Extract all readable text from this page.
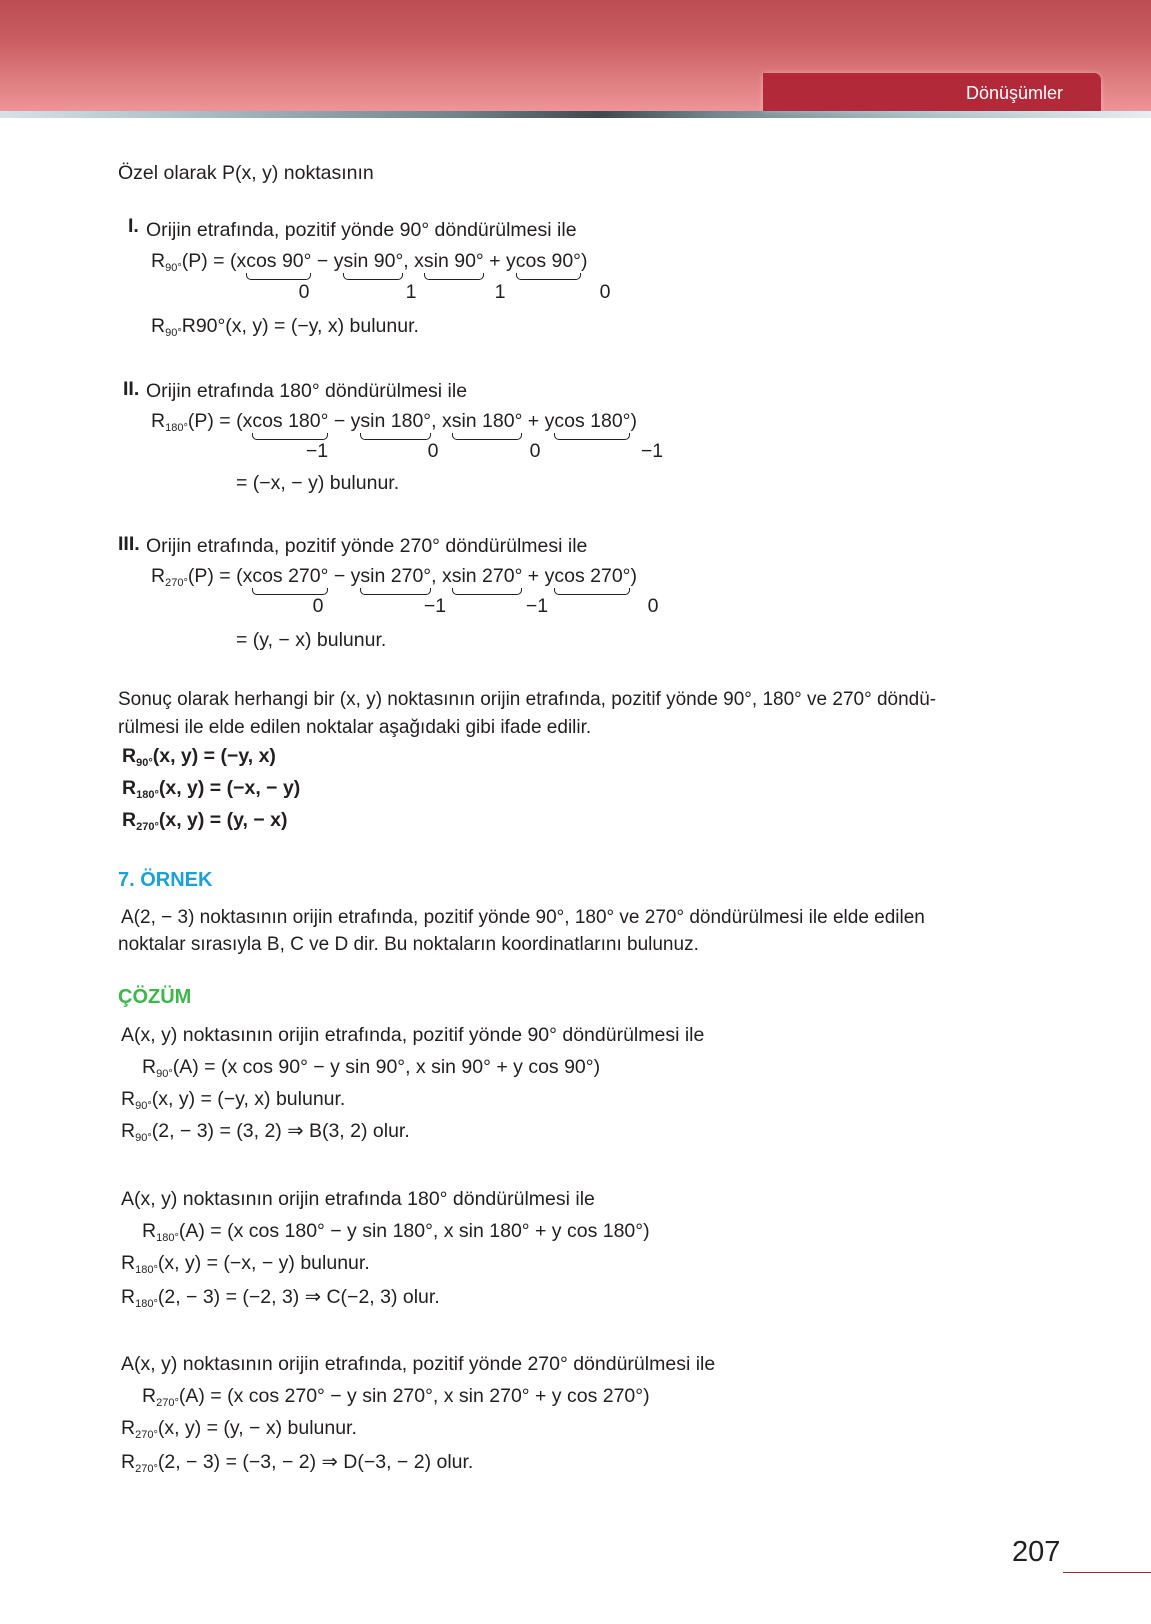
Dönüşümler
Özel olarak P(x, y) noktasının
I. Orijin etrafında, pozitif yönde 90° döndürülmesi ile
$R_{90^\circ}(P) = (xcos$ 90° − ysin 90°, xsin 90° + ycos 90°)
0	1	1	0
$R_{90^\circ}R90^\circ(x$, y) = (−y, x) bulunur.
II. Orijin etrafında 180° döndürülmesi ile
$R_{180^\circ}(P) = (xcos$ 180° − ysin 180°, xsin 180° + ycos 180°)
−1	0	0	−1
= (−x, − y) bulunur.
III. Orijin etrafında, pozitif yönde 270° döndürülmesi ile
$R_{270^\circ}(P) = (xcos$ 270° − ysin 270°, xsin 270° + ycos 270°)
0	−1	−1	0
= (y, − x) bulunur.
Sonuç olarak herhangi bir (x, y) noktasının orijin etrafında, pozitif yönde 90°, 180° ve 270° döndü-
rülmesi ile elde edilen noktalar aşağıdaki gibi ifade edilir.
$R_{90^\circ}(x$, y) = (−y, x)
$R_{180^\circ}(x$, y) = (−x, − y)
$R_{270^\circ}(x$, y) = (y, − x)
7. ÖRNEK
A(2, − 3) noktasının orijin etrafında, pozitif yönde 90°, 180° ve 270° döndürülmesi ile elde edilen
noktalar sırasıyla B, C ve D dir. Bu noktaların koordinatlarını bulunuz.
ÇÖZÜM
A(x, y) noktasının orijin etrafında, pozitif yönde 90° döndürülmesi ile
$R_{90^\circ}(A) = (x$ cos 90° − y sin 90°, x sin 90° + y cos 90°)
$R_{90^\circ}(x$, y) = (−y, x) bulunur.
$R_{90^\circ}(2$, − 3) = (3, 2) ⇒ B(3, 2) olur.
A(x, y) noktasının orijin etrafında 180° döndürülmesi ile
$R_{180^\circ}(A) = (x$ cos 180° − y sin 180°, x sin 180° + y cos 180°)
$R_{180^\circ}(x$, y) = (−x, − y) bulunur.
$R_{180^\circ}(2$, − 3) = (−2, 3) ⇒ C(−2, 3) olur.
A(x, y) noktasının orijin etrafında, pozitif yönde 270° döndürülmesi ile
$R_{270^\circ}(A) = (x$ cos 270° − y sin 270°, x sin 270° + y cos 270°)
$R_{270^\circ}(x$, y) = (y, − x) bulunur.
$R_{270^\circ}(2$, − 3) = (−3, − 2) ⇒ D(−3, − 2) olur.
207
